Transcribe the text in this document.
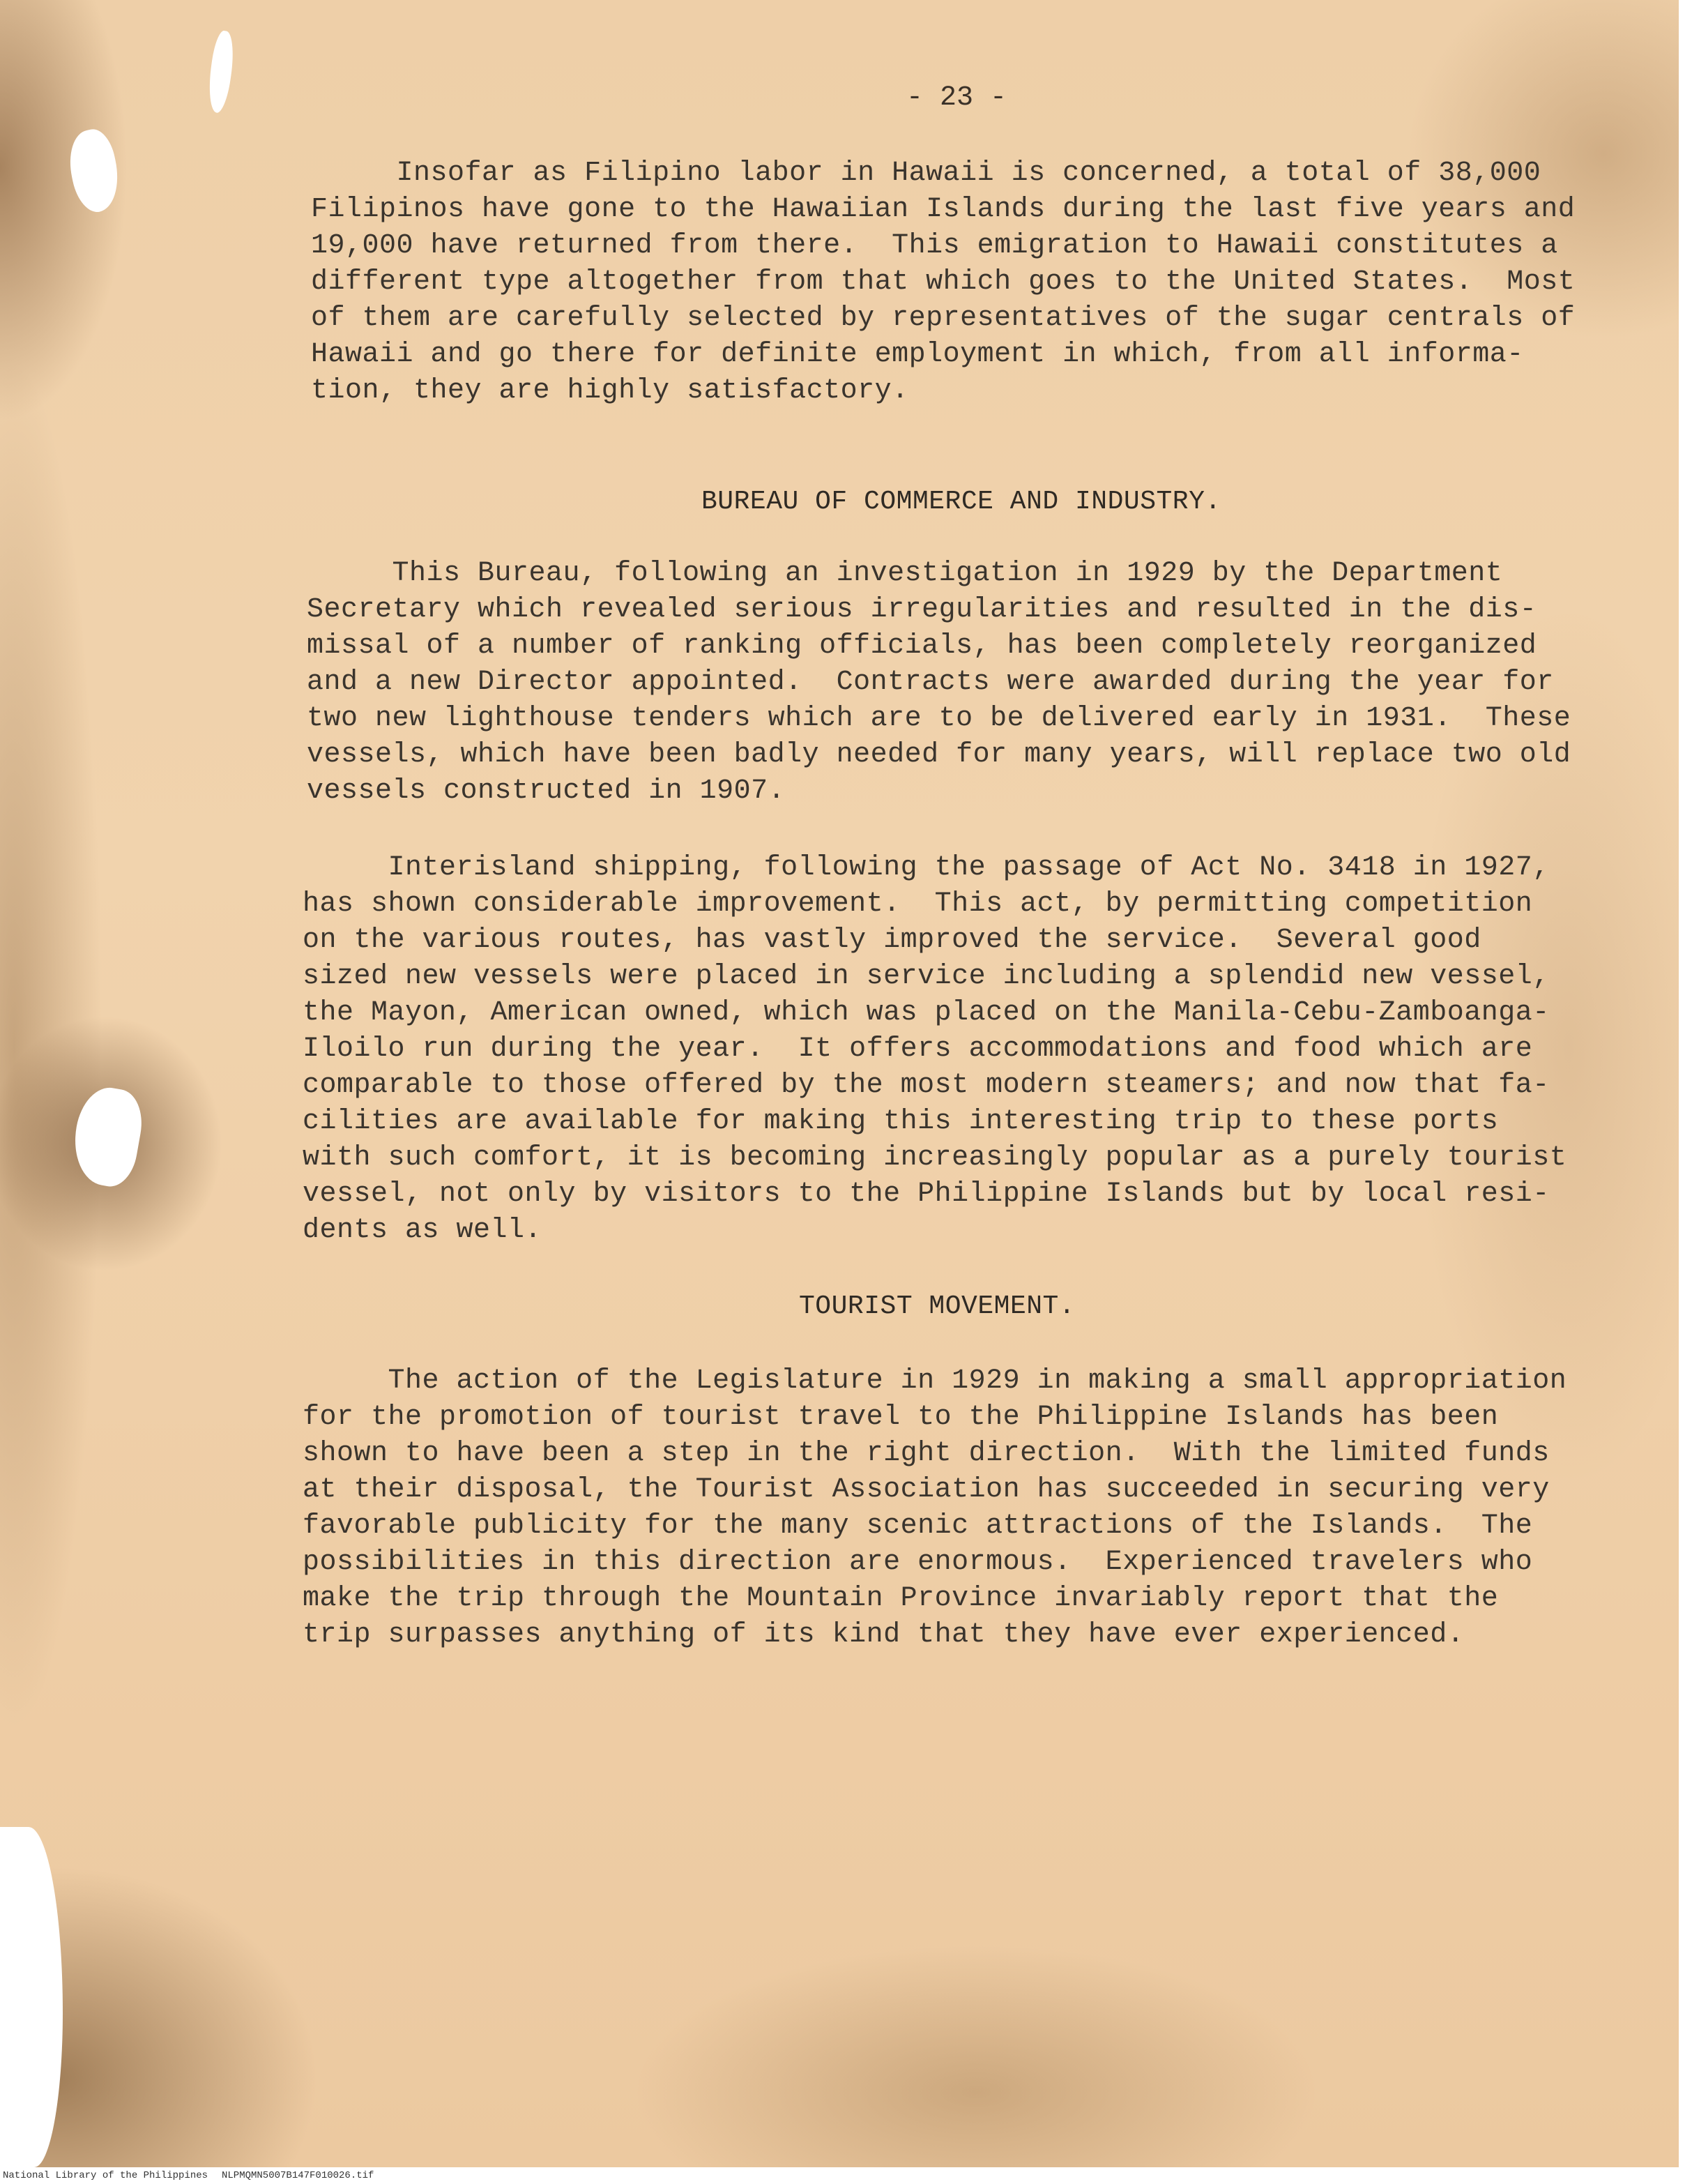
- 23 -
Insofar as Filipino labor in Hawaii is concerned, a total of 38,000
Filipinos have gone to the Hawaiian Islands during the last five years and
19,000 have returned from there.  This emigration to Hawaii constitutes a
different type altogether from that which goes to the United States.  Most
of them are carefully selected by representatives of the sugar centrals of
Hawaii and go there for definite employment in which, from all informa-
tion, they are highly satisfactory.
BUREAU OF COMMERCE AND INDUSTRY.
This Bureau, following an investigation in 1929 by the Department
Secretary which revealed serious irregularities and resulted in the dis-
missal of a number of ranking officials, has been completely reorganized
and a new Director appointed.  Contracts were awarded during the year for
two new lighthouse tenders which are to be delivered early in 1931.  These
vessels, which have been badly needed for many years, will replace two old
vessels constructed in 1907.
Interisland shipping, following the passage of Act No. 3418 in 1927,
has shown considerable improvement.  This act, by permitting competition
on the various routes, has vastly improved the service.  Several good
sized new vessels were placed in service including a splendid new vessel,
the Mayon, American owned, which was placed on the Manila-Cebu-Zamboanga-
Iloilo run during the year.  It offers accommodations and food which are
comparable to those offered by the most modern steamers; and now that fa-
cilities are available for making this interesting trip to these ports
with such comfort, it is becoming increasingly popular as a purely tourist
vessel, not only by visitors to the Philippine Islands but by local resi-
dents as well.
TOURIST MOVEMENT.
The action of the Legislature in 1929 in making a small appropriation
for the promotion of tourist travel to the Philippine Islands has been
shown to have been a step in the right direction.  With the limited funds
at their disposal, the Tourist Association has succeeded in securing very
favorable publicity for the many scenic attractions of the Islands.  The
possibilities in this direction are enormous.  Experienced travelers who
make the trip through the Mountain Province invariably report that the
trip surpasses anything of its kind that they have ever experienced.
National Library of the Philippines NLPMQMN5007B147F010026.tif
